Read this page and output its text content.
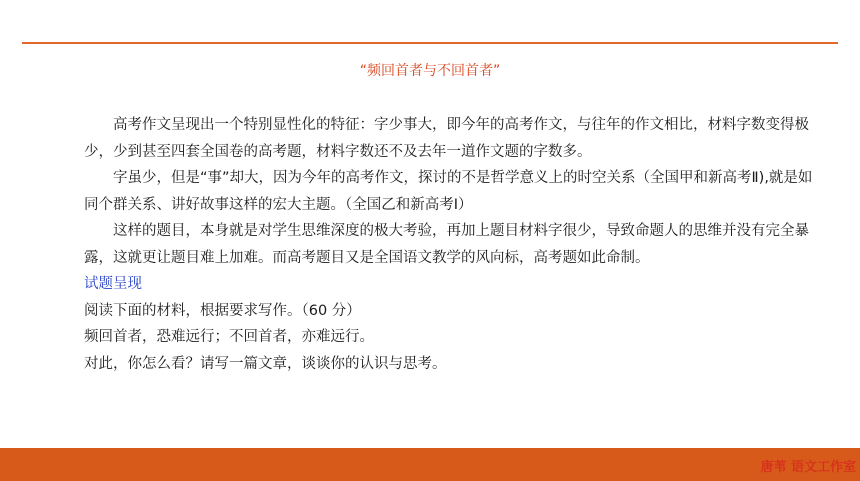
“频回首者与不回首者”

高考作文呈现出一个特别显性化的特征：字少事大，即今年的高考作文，与往年的作文相比，材料字数变得极少，少到甚至四套全国卷的高考题，材料字数还不及去年一道作文题的字数多。

字虽少，但是“事”却大，因为今年的高考作文，探讨的不是哲学意义上的时空关系（全国甲和新高考Ⅱ),就是如同个群关系、讲好故事这样的宏大主题。（全国乙和新高考Ⅰ）

这样的题目，本身就是对学生思维深度的极大考验，再加上题目材料字很少，导致命题人的思维并没有完全暴露，这就更让题目难上加难。而高考题目又是全国语文教学的风向标，高考题如此命制。

试题呈现

阅读下面的材料，根据要求写作。（60 分）

频回首者，恐难远行；不回首者，亦难远行。

对此，你怎么看？请写一篇文章，谈谈你的认识与思考。

唐苇 语文工作室
